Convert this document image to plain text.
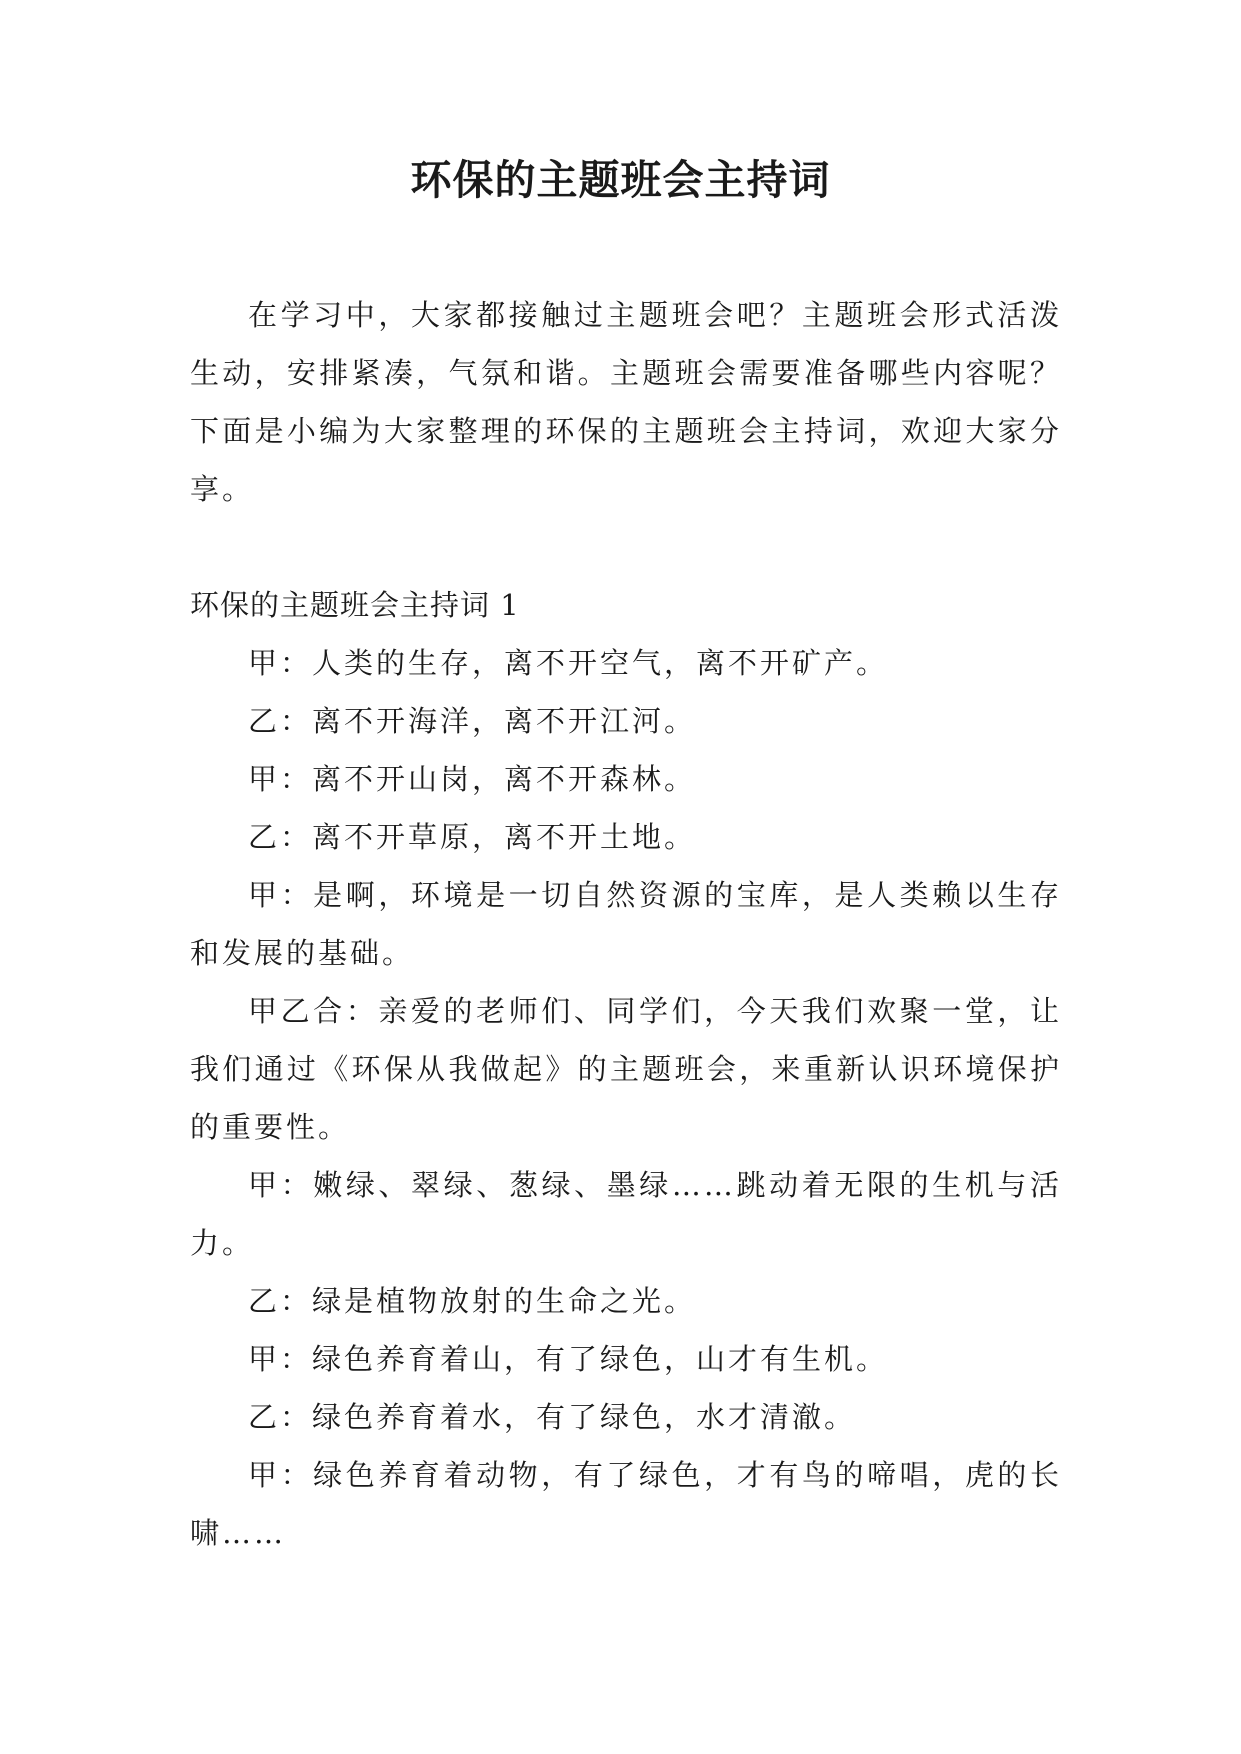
环保的主题班会主持词

在学习中，大家都接触过主题班会吧？主题班会形式活泼生动，安排紧凑，气氛和谐。主题班会需要准备哪些内容呢？下面是小编为大家整理的环保的主题班会主持词，欢迎大家分享。

环保的主题班会主持词 1

甲：人类的生存，离不开空气，离不开矿产。

乙：离不开海洋，离不开江河。

甲：离不开山岗，离不开森林。

乙：离不开草原，离不开土地。

甲：是啊，环境是一切自然资源的宝库，是人类赖以生存和发展的基础。

甲乙合：亲爱的老师们、同学们，今天我们欢聚一堂，让我们通过《环保从我做起》的主题班会，来重新认识环境保护的重要性。

甲：嫩绿、翠绿、葱绿、墨绿……跳动着无限的生机与活力。

乙：绿是植物放射的生命之光。

甲：绿色养育着山，有了绿色，山才有生机。

乙：绿色养育着水，有了绿色，水才清澈。

甲：绿色养育着动物，有了绿色，才有鸟的啼唱，虎的长啸……
